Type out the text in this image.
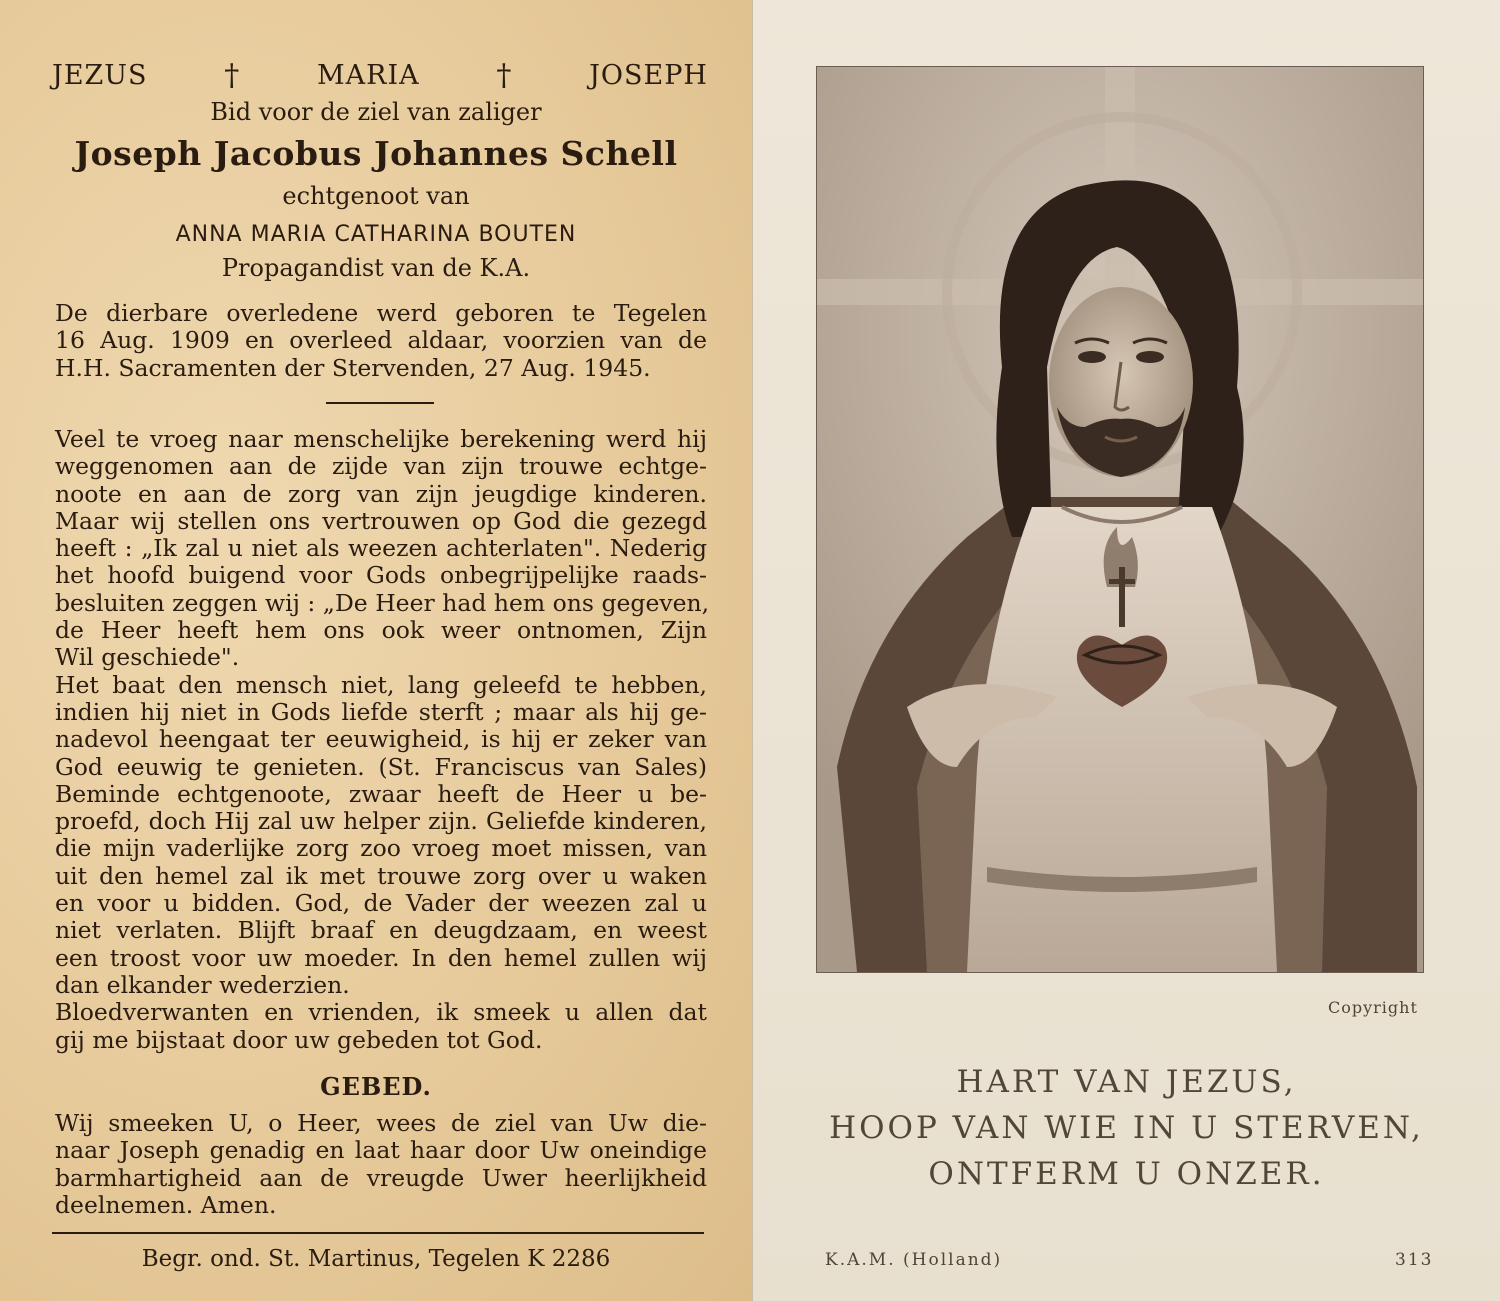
JEZUS	†	MARIA	†	JOSEPH
Bid voor de ziel van zaliger
Joseph Jacobus Johannes Schell
echtgenoot van
ANNA MARIA CATHARINA BOUTEN
Propagandist van de K.A.
De dierbare overledene werd geboren te Tegelen
16 Aug. 1909 en overleed aldaar, voorzien van de
H.H. Sacramenten der Stervenden, 27 Aug. 1945.
Veel te vroeg naar menschelijke berekening werd hij
weggenomen aan de zijde van zijn trouwe echtge-
noote en aan de zorg van zijn jeugdige kinderen.
Maar wij stellen ons vertrouwen op God die gezegd
heeft : „Ik zal u niet als weezen achterlaten". Nederig
het hoofd buigend voor Gods onbegrijpelijke raads-
besluiten zeggen wij : „De Heer had hem ons gegeven,
de Heer heeft hem ons ook weer ontnomen, Zijn
Wil geschiede".
Het baat den mensch niet, lang geleefd te hebben,
indien hij niet in Gods liefde sterft ; maar als hij ge-
nadevol heengaat ter eeuwigheid, is hij er zeker van
God eeuwig te genieten. (St. Franciscus van Sales)
Beminde echtgenoote, zwaar heeft de Heer u be-
proefd, doch Hij zal uw helper zijn. Geliefde kinderen,
die mijn vaderlijke zorg zoo vroeg moet missen, van
uit den hemel zal ik met trouwe zorg over u waken
en voor u bidden. God, de Vader der weezen zal u
niet verlaten. Blijft braaf en deugdzaam, en weest
een troost voor uw moeder. In den hemel zullen wij
dan elkander wederzien.
Bloedverwanten en vrienden, ik smeek u allen dat
gij me bijstaat door uw gebeden tot God.
GEBED.
Wij smeeken U, o Heer, wees de ziel van Uw die-
naar Joseph genadig en laat haar door Uw oneindige
barmhartigheid aan de vreugde Uwer heerlijkheid
deelnemen. Amen.
Begr. ond. St. Martinus, Tegelen K 2286
Copyright
HART VAN JEZUS,
HOOP VAN WIE IN U STERVEN,
ONTFERM U ONZER.
K.A.M. (Holland)	313
